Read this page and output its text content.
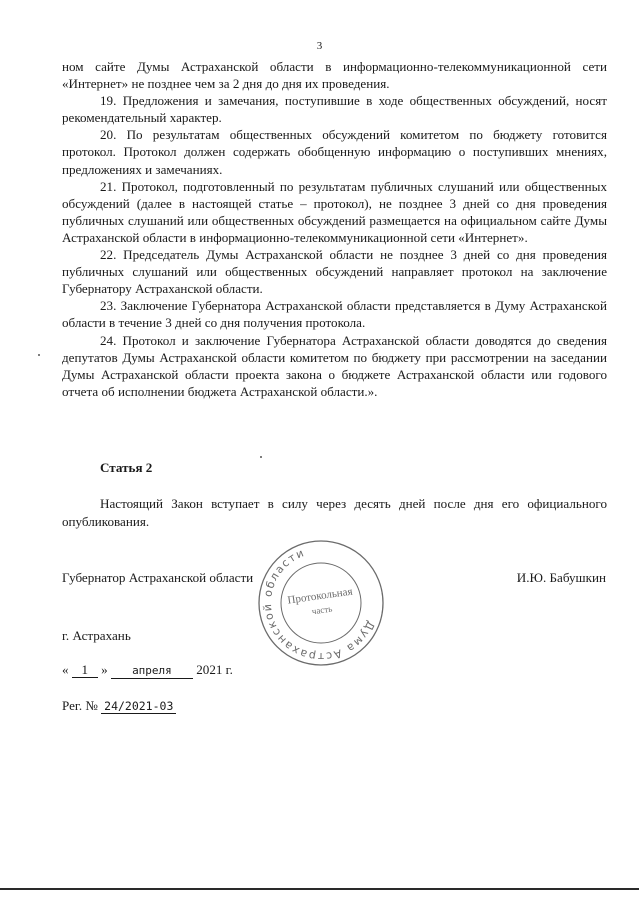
3

ном сайте Думы Астраханской области в информационно-телекоммуникационной сети «Интернет» не позднее чем за 2 дня до дня их проведения.

19. Предложения и замечания, поступившие в ходе общественных обсуждений, носят рекомендательный характер.

20. По результатам общественных обсуждений комитетом по бюджету готовится протокол. Протокол должен содержать обобщенную информацию о поступивших мнениях, предложениях и замечаниях.

21. Протокол, подготовленный по результатам публичных слушаний или общественных обсуждений (далее в настоящей статье – протокол), не позднее 3 дней со дня проведения публичных слушаний или общественных обсуждений размещается на официальном сайте Думы Астраханской области в информационно-телекоммуникационной сети «Интернет».

22. Председатель Думы Астраханской области не позднее 3 дней со дня проведения публичных слушаний или общественных обсуждений направляет протокол на заключение Губернатору Астраханской области.

23. Заключение Губернатора Астраханской области представляется в Думу Астраханской области в течение 3 дней со дня получения протокола.

24. Протокол и заключение Губернатора Астраханской области доводятся до сведения депутатов Думы Астраханской области комитетом по бюджету при рассмотрении на заседании Думы Астраханской области проекта закона о бюджете Астраханской области или годового отчета об исполнении бюджета Астраханской области.».

Статья 2
Настоящий Закон вступает в силу через десять дней после дня его официального опубликования.
Губернатор Астраханской области	И.Ю. Бабушкин
Дума Астраханской области
Протокольная
часть
г. Астрахань
« 1 » апреля 2021 г.
Рег. № 24/2021-03
